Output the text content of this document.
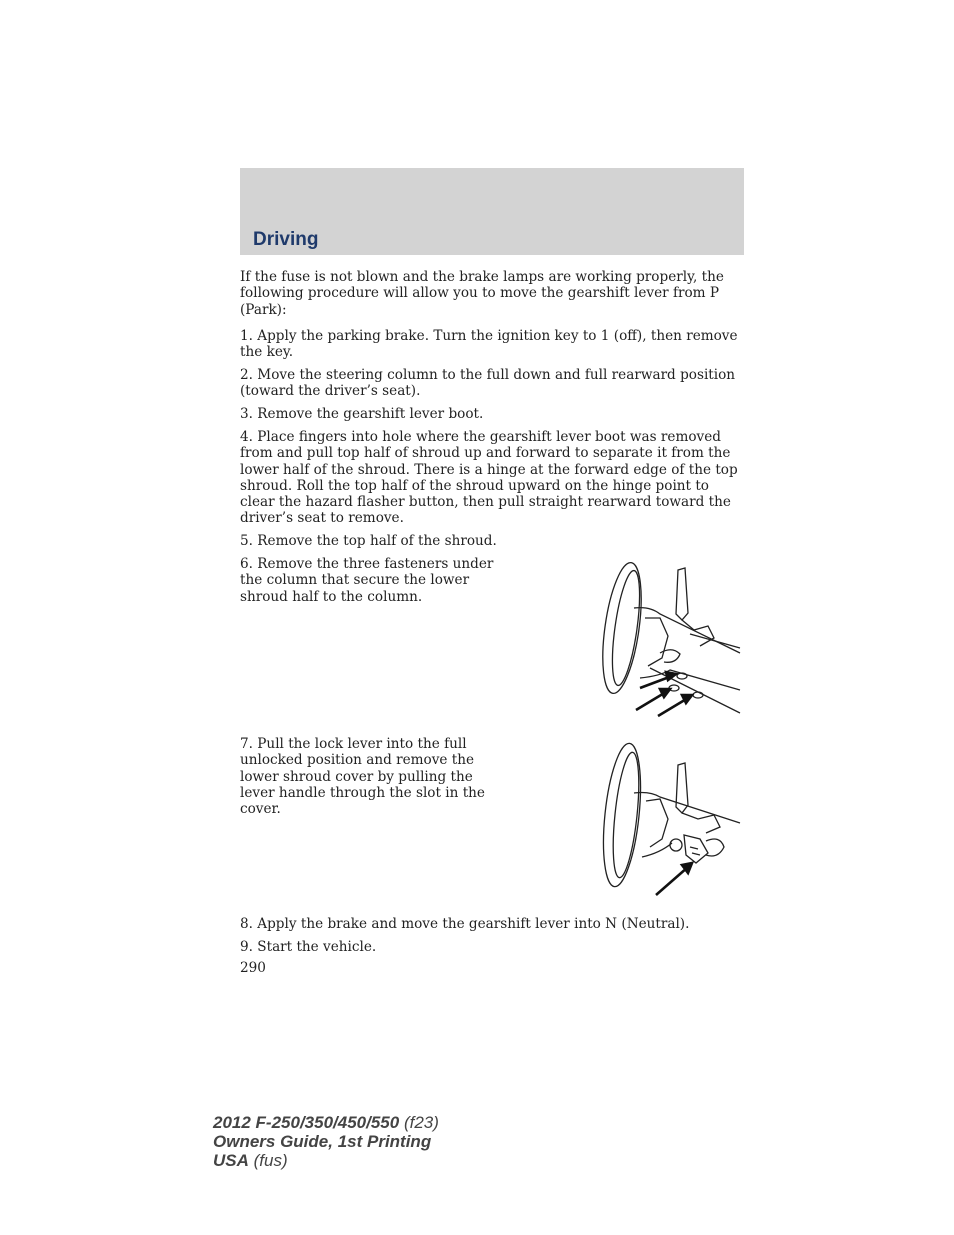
Driving

If the fuse is not blown and the brake lamps are working properly, the following procedure will allow you to move the gearshift lever from P (Park):

1. Apply the parking brake. Turn the ignition key to 1 (off), then remove the key.

2. Move the steering column to the full down and full rearward position (toward the driver’s seat).

3. Remove the gearshift lever boot.

4. Place fingers into hole where the gearshift lever boot was removed from and pull top half of shroud up and forward to separate it from the lower half of the shroud. There is a hinge at the forward edge of the top shroud. Roll the top half of the shroud upward on the hinge point to clear the hazard flasher button, then pull straight rearward toward the driver’s seat to remove.

5. Remove the top half of the shroud.

6. Remove the three fasteners under the column that secure the lower shroud half to the column.

7. Pull the lock lever into the full unlocked position and remove the lower shroud cover by pulling the lever handle through the slot in the cover.

8. Apply the brake and move the gearshift lever into N (Neutral).

9. Start the vehicle.

290
2012 F-250/350/450/550 (f23)
Owners Guide, 1st Printing
USA (fus)
